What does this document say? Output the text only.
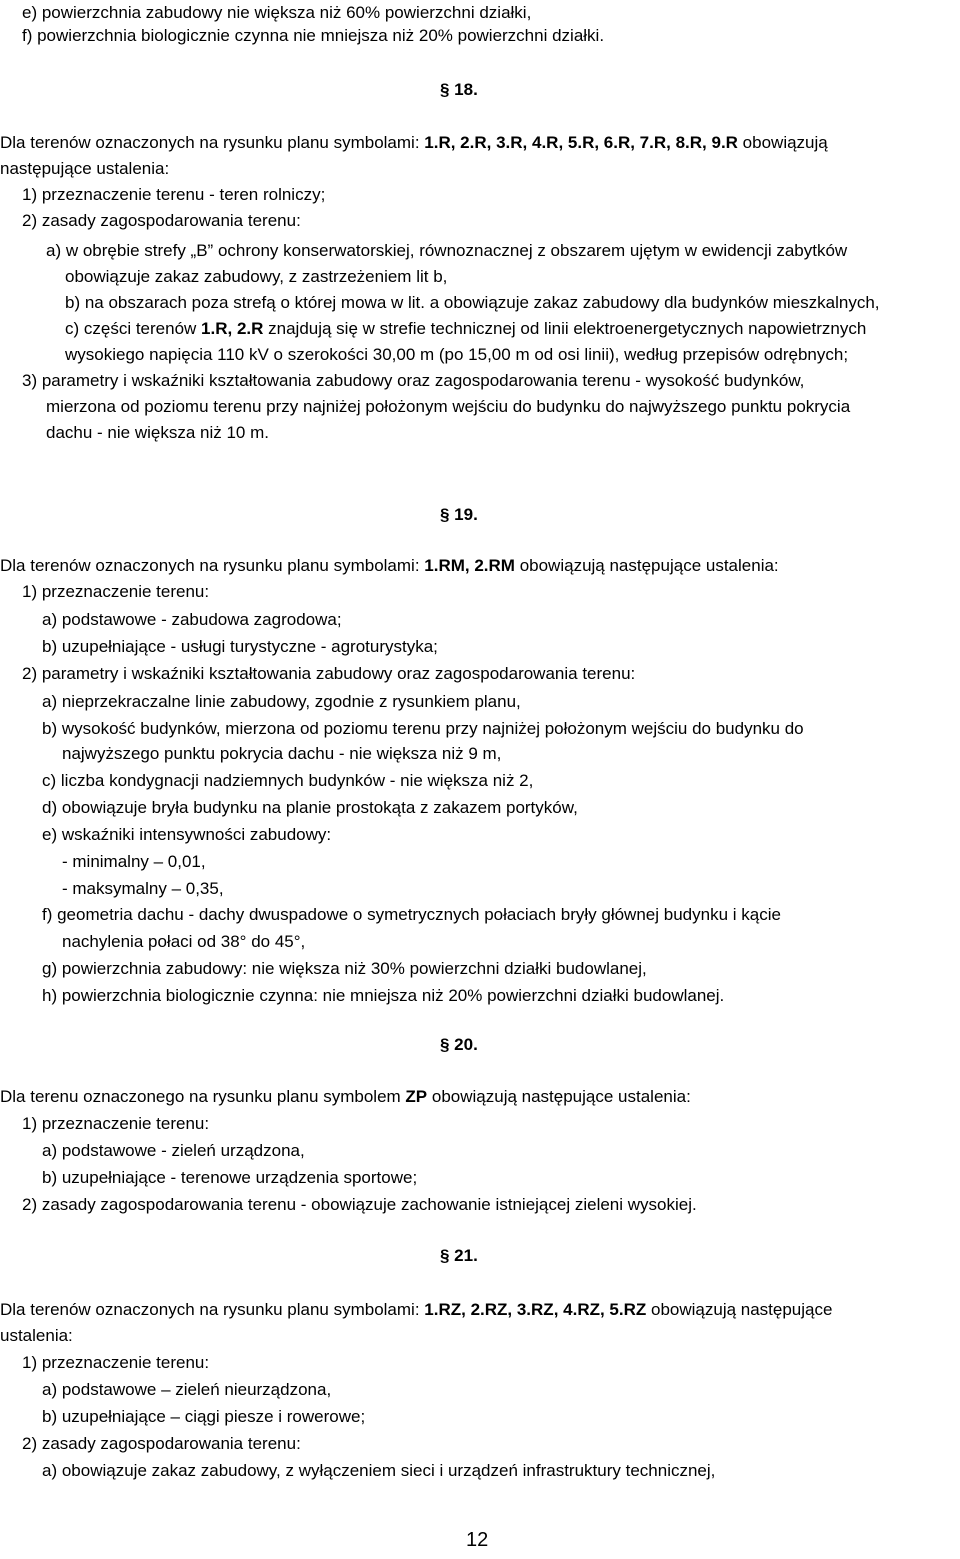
e) powierzchnia zabudowy nie większa niż 60% powierzchni działki,
f) powierzchnia biologicznie czynna nie mniejsza niż 20% powierzchni działki.
§ 18.
Dla terenów oznaczonych na rysunku planu symbolami: 1.R, 2.R, 3.R, 4.R, 5.R, 6.R, 7.R, 8.R, 9.R obowiązują
następujące ustalenia:
1) przeznaczenie terenu - teren rolniczy;
2) zasady zagospodarowania terenu:
a) w obrębie strefy „B” ochrony konserwatorskiej, równoznacznej z obszarem ujętym w ewidencji zabytków
obowiązuje zakaz zabudowy, z zastrzeżeniem lit b,
b) na obszarach poza strefą o której mowa w lit. a obowiązuje zakaz zabudowy dla budynków mieszkalnych,
c) części terenów 1.R, 2.R znajdują się w strefie technicznej od linii elektroenergetycznych napowietrznych
wysokiego napięcia 110 kV o szerokości 30,00 m (po 15,00 m od osi linii), według przepisów odrębnych;
3) parametry i wskaźniki kształtowania zabudowy oraz zagospodarowania terenu - wysokość budynków,
mierzona od poziomu terenu przy najniżej położonym wejściu do budynku do najwyższego punktu pokrycia
dachu - nie większa niż 10 m.
§ 19.
Dla terenów oznaczonych na rysunku planu symbolami: 1.RM, 2.RM obowiązują następujące ustalenia:
1) przeznaczenie terenu:
a) podstawowe - zabudowa zagrodowa;
b) uzupełniające - usługi turystyczne - agroturystyka;
2) parametry i wskaźniki kształtowania zabudowy oraz zagospodarowania terenu:
a) nieprzekraczalne linie zabudowy, zgodnie z rysunkiem planu,
b) wysokość budynków, mierzona od poziomu terenu przy najniżej położonym wejściu do budynku do
najwyższego punktu pokrycia dachu - nie większa niż 9 m,
c) liczba kondygnacji nadziemnych budynków - nie większa niż 2,
d) obowiązuje bryła budynku na planie prostokąta z zakazem portyków,
e) wskaźniki intensywności zabudowy:
- minimalny – 0,01,
- maksymalny – 0,35,
f) geometria dachu - dachy dwuspadowe o symetrycznych połaciach bryły głównej budynku i kącie
nachylenia połaci od 38° do 45°,
g) powierzchnia zabudowy: nie większa niż 30% powierzchni działki budowlanej,
h) powierzchnia biologicznie czynna: nie mniejsza niż 20% powierzchni działki budowlanej.
§ 20.
Dla terenu oznaczonego na rysunku planu symbolem ZP obowiązują następujące ustalenia:
1) przeznaczenie terenu:
a) podstawowe - zieleń urządzona,
b) uzupełniające - terenowe urządzenia sportowe;
2) zasady zagospodarowania terenu - obowiązuje zachowanie istniejącej zieleni wysokiej.
§ 21.
Dla terenów oznaczonych na rysunku planu symbolami: 1.RZ, 2.RZ, 3.RZ, 4.RZ, 5.RZ obowiązują następujące
ustalenia:
1) przeznaczenie terenu:
a) podstawowe – zieleń nieurządzona,
b) uzupełniające – ciągi piesze i rowerowe;
2) zasady zagospodarowania terenu:
a) obowiązuje zakaz zabudowy, z wyłączeniem sieci i urządzeń infrastruktury technicznej,
12
